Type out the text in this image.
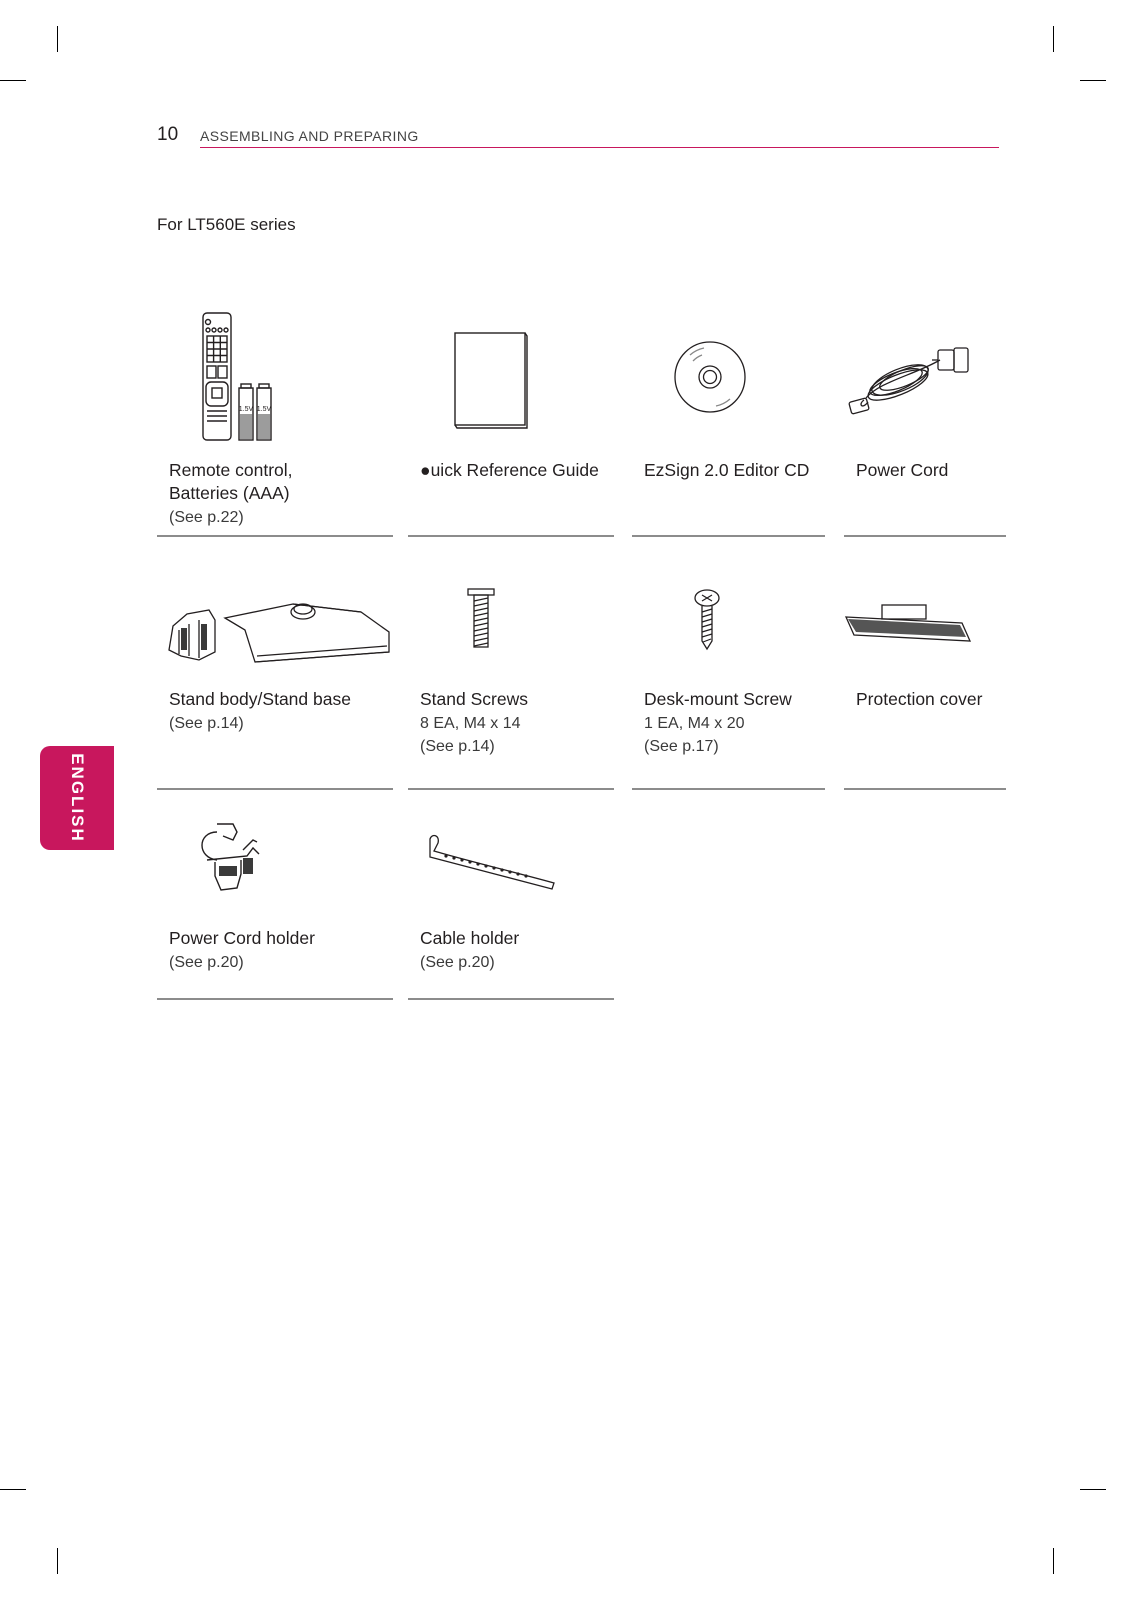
10 ASSEMBLING AND PREPARING
For LT560E series
ENGLISH
1.5V 1.5V
Remote control,
Batteries (AAA)
(See p.22)
●uick Reference Guide	EzSign 2.0 Editor CD	Power Cord
Stand body/Stand base
(See p.14)
Stand Screws
8 EA, M4 x 14
(See p.14)
Desk-mount Screw
1 EA, M4 x 20
(See p.17)
Protection cover
Power Cord holder
(See p.20)
Cable holder
(See p.20)
